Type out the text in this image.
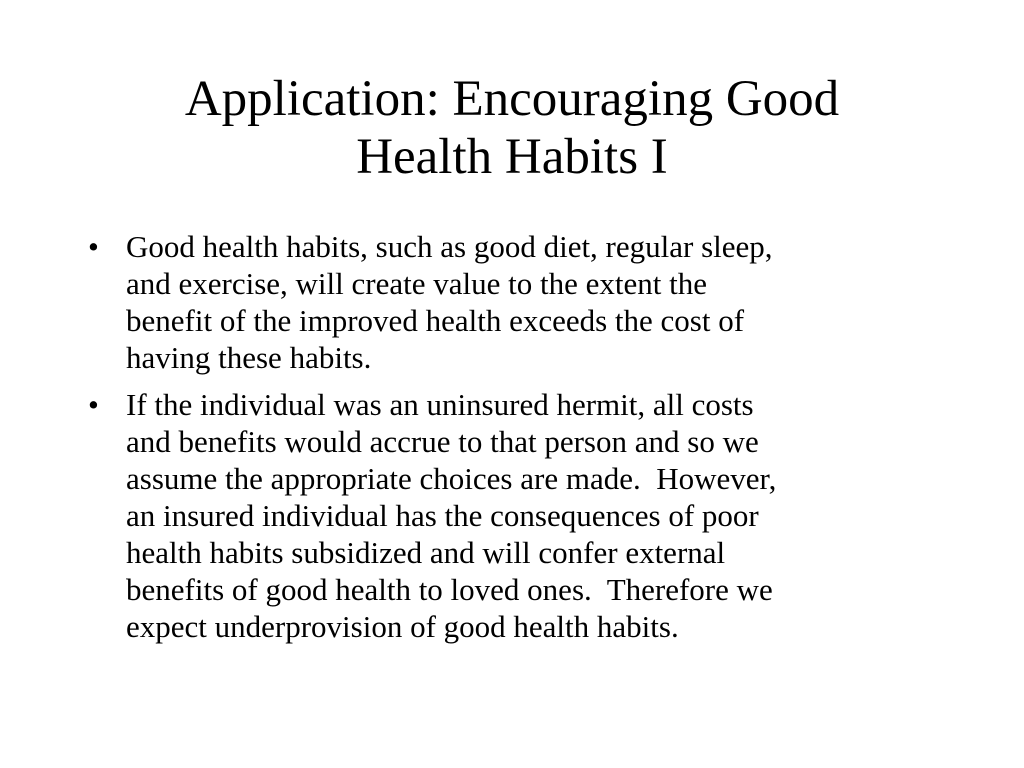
Application: Encouraging Good
Health Habits I
• Good health habits, such as good diet, regular sleep,
and exercise, will create value to the extent the
benefit of the improved health exceeds the cost of
having these habits.
• If the individual was an uninsured hermit, all costs
and benefits would accrue to that person and so we
assume the appropriate choices are made.  However,
an insured individual has the consequences of poor
health habits subsidized and will confer external
benefits of good health to loved ones.  Therefore we
expect underprovision of good health habits.
